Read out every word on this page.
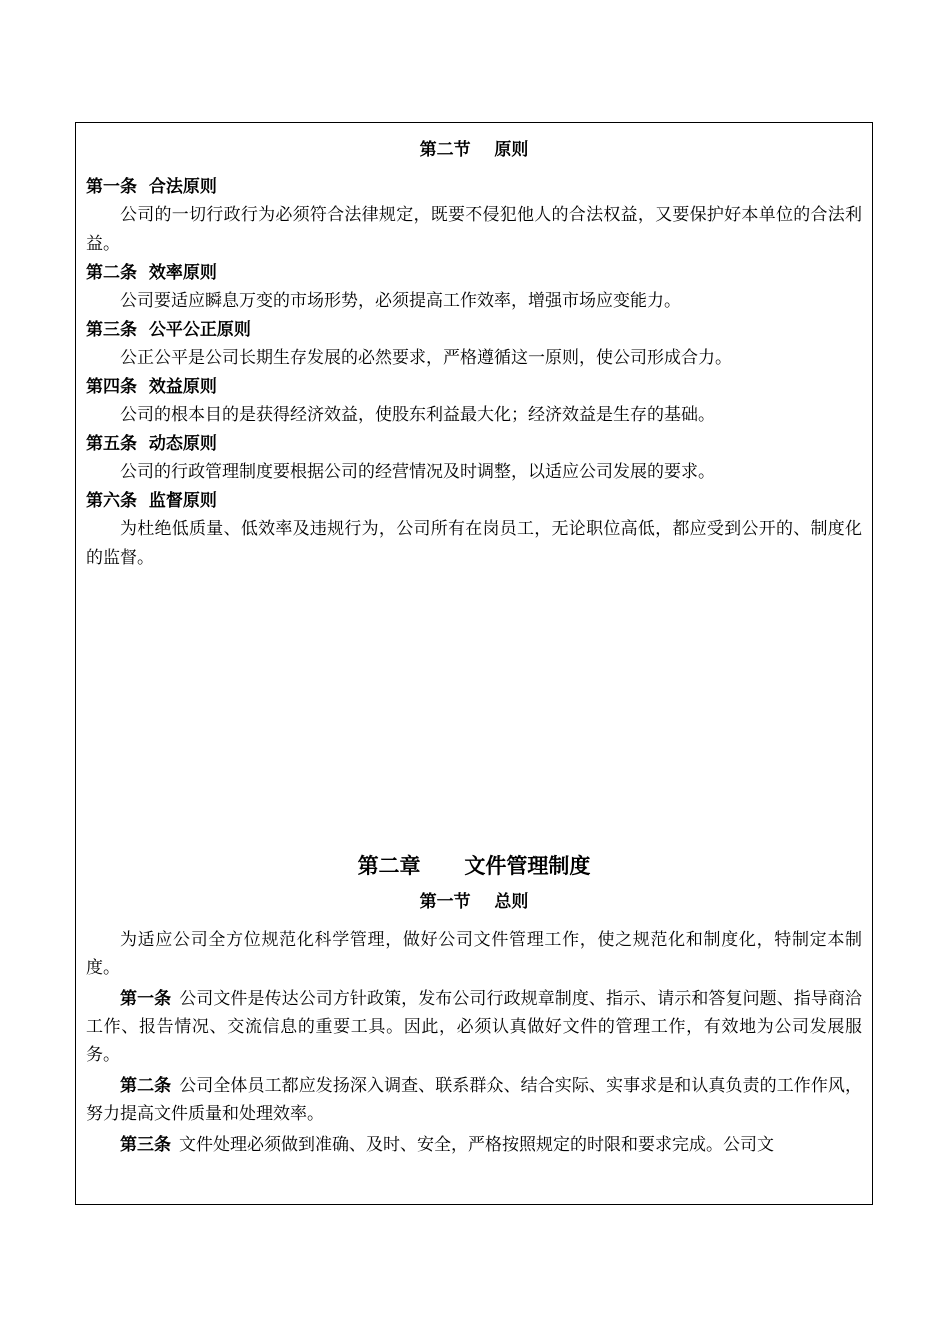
第二节    原则
第一条  合法原则

公司的一切行政行为必须符合法律规定，既要不侵犯他人的合法权益，又要保护好本单位的合法利益。

第二条  效率原则

公司要适应瞬息万变的市场形势，必须提高工作效率，增强市场应变能力。

第三条  公平公正原则

公正公平是公司长期生存发展的必然要求，严格遵循这一原则，使公司形成合力。

第四条  效益原则

公司的根本目的是获得经济效益，使股东利益最大化；经济效益是生存的基础。

第五条  动态原则

公司的行政管理制度要根据公司的经营情况及时调整，以适应公司发展的要求。

第六条  监督原则

为杜绝低质量、低效率及违规行为，公司所有在岗员工，无论职位高低，都应受到公开的、制度化的监督。

第二章      文件管理制度
第一节    总则

为适应公司全方位规范化科学管理，做好公司文件管理工作，使之规范化和制度化，特制定本制度。

第一条 公司文件是传达公司方针政策，发布公司行政规章制度、指示、请示和答复问题、指导商洽工作、报告情况、交流信息的重要工具。因此，必须认真做好文件的管理工作，有效地为公司发展服务。

第二条 公司全体员工都应发扬深入调查、联系群众、结合实际、实事求是和认真负责的工作作风，努力提高文件质量和处理效率。

第三条 文件处理必须做到准确、及时、安全，严格按照规定的时限和要求完成。公司文
